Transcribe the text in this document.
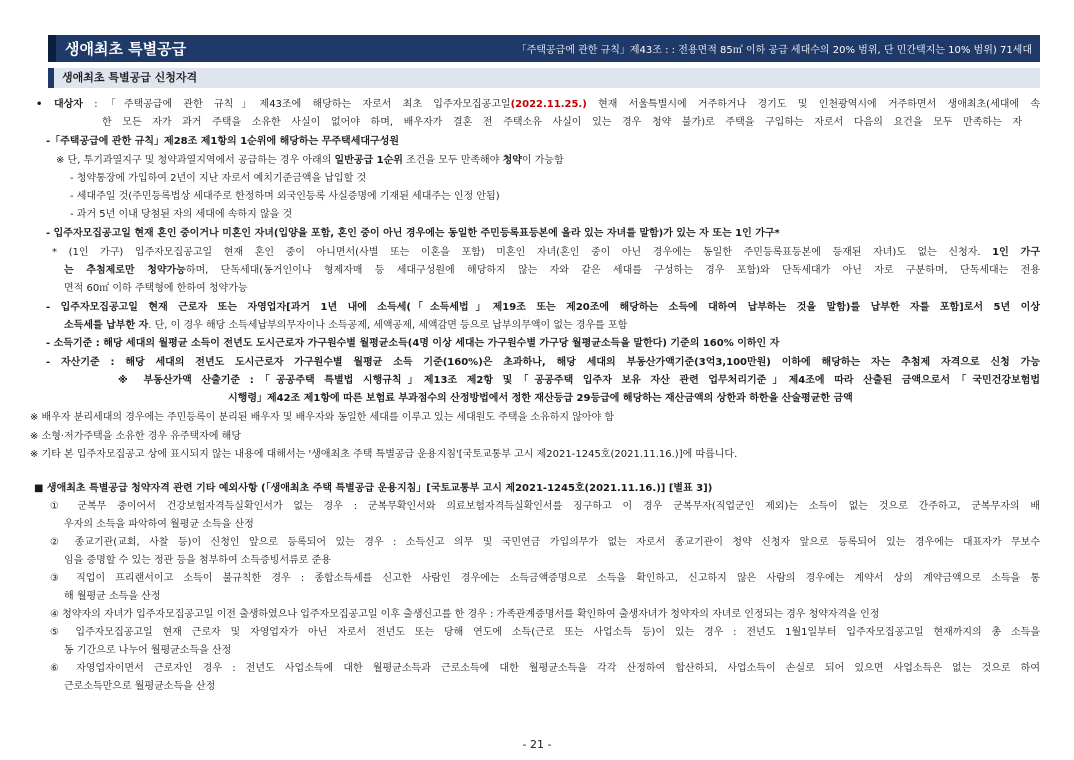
생애최초 특별공급	「주택공급에 관한 규칙」제43조 : : 전용면적 85㎡ 이하 공급 세대수의 20% 범위, 단 민간택지는 10% 범위) 71세대
생애최초 특별공급 신청자격
• 대상자 :「주택공급에 관한 규칙」제43조에 해당하는 자로서 최초 입주자모집공고일(2022.11.25.) 현재 서울특별시에 거주하거나 경기도 및 인천광역시에 거주하면서 생애최초(세대에 속
한 모든 자가 과거 주택을 소유한 사실이 없어야 하며, 배우자가 결혼 전 주택소유 사실이 있는 경우 청약 불가)로 주택을 구입하는 자로서 다음의 요건을 모두 만족하는 자
-「주택공급에 관한 규칙」제28조 제1항의 1순위에 해당하는 무주택세대구성원
※ 단, 투기과열지구 및 청약과열지역에서 공급하는 경우 아래의 일반공급 1순위 조건을 모두 만족해야 청약이 가능함
- 청약통장에 가입하여 2년이 지난 자로서 예치기준금액을 납입할 것
- 세대주일 것(주민등록법상 세대주로 한정하며 외국인등록 사실증명에 기재된 세대주는 인정 안됨)
- 과거 5년 이내 당첨된 자의 세대에 속하지 않을 것
- 입주자모집공고일 현재 혼인 중이거나 미혼인 자녀(입양을 포함, 혼인 중이 아닌 경우에는 동일한 주민등록표등본에 올라 있는 자녀를 말함)가 있는 자 또는 1인 가구*
* (1인 가구) 입주자모집공고일 현재 혼인 중이 아니면서(사별 또는 이혼을 포함) 미혼인 자녀(혼인 중이 아닌 경우에는 동일한 주민등록표등본에 등재된 자녀)도 없는 신청자. 1인 가구
는 추첨제로만 청약가능하며, 단독세대(동거인이나 형제자매 등 세대구성원에 해당하지 않는 자와 같은 세대를 구성하는 경우 포함)와 단독세대가 아닌 자로 구분하며, 단독세대는 전용
면적 60㎡ 이하 주택형에 한하여 청약가능
- 입주자모집공고일 현재 근로자 또는 자영업자[과거 1년 내에 소득세(「소득세법」제19조 또는 제20조에 해당하는 소득에 대하여 납부하는 것을 말함)를 납부한 자를 포함]로서 5년 이상
소득세를 납부한 자. 단, 이 경우 해당 소득세납부의무자이나 소득공제, 세액공제, 세액감면 등으로 납부의무액이 없는 경우를 포함
- 소득기준 : 해당 세대의 월평균 소득이 전년도 도시근로자 가구원수별 월평균소득(4명 이상 세대는 가구원수별 가구당 월평균소득을 말한다) 기준의 160% 이하인 자
- 자산기준 : 해당 세대의 전년도 도시근로자 가구원수별 월평균 소득 기준(160%)은 초과하나, 해당 세대의 부동산가액기준(3억3,100만원) 이하에 해당하는 자는 추첨제 자격으로 신청 가능
※ 부동산가액 산출기준 :「공공주택 특별법 시행규칙」제13조 제2항 및「공공주택 입주자 보유 자산 관련 업무처리기준」제4조에 따라 산출된 금액으로서「국민건강보험법
시행령」제42조 제1항에 따른 보험료 부과점수의 산정방법에서 정한 재산등급 29등급에 해당하는 재산금액의 상한과 하한을 산술평균한 금액
※ 배우자 분리세대의 경우에는 주민등록이 분리된 배우자 및 배우자와 동일한 세대를 이루고 있는 세대원도 주택을 소유하지 않아야 함
※ 소형·저가주택을 소유한 경우 유주택자에 해당
※ 기타 본 입주자모집공고 상에 표시되지 않는 내용에 대해서는 '생애최초 주택 특별공급 운용지침'[국토교통부 고시 제2021-1245호(2021.11.16.)]에 따릅니다.
■ 생애최초 특별공급 청약자격 관련 기타 예외사항 (「생애최초 주택 특별공급 운용지침」[국토교통부 고시 제2021-1245호(2021.11.16.)] [별표 3])
① 군복무 중이어서 건강보험자격득실확인서가 없는 경우 : 군복무확인서와 의료보험자격득실확인서를 징구하고 이 경우 군복무자(직업군인 제외)는 소득이 없는 것으로 간주하고, 군복무자의 배
우자의 소득을 파악하여 월평균 소득을 산정
② 종교기관(교회, 사찰 등)이 신청인 앞으로 등록되어 있는 경우 : 소득신고 의무 및 국민연금 가입의무가 없는 자로서 종교기관이 청약 신청자 앞으로 등록되어 있는 경우에는 대표자가 무보수
임을 증명할 수 있는 정관 등을 첨부하여 소득증빙서류로 준용
③ 직업이 프리랜서이고 소득이 불규칙한 경우 : 종합소득세를 신고한 사람인 경우에는 소득금액증명으로 소득을 확인하고, 신고하지 않은 사람의 경우에는 계약서 상의 계약금액으로 소득을 통
해 월평균 소득을 산정
④ 청약자의 자녀가 입주자모집공고일 이전 출생하였으나 입주자모집공고일 이후 출생신고를 한 경우 : 가족관계증명서를 확인하여 출생자녀가 청약자의 자녀로 인정되는 경우 청약자격을 인정
⑤ 입주자모집공고일 현재 근로자 및 자영업자가 아닌 자로서 전년도 또는 당해 연도에 소득(근로 또는 사업소득 등)이 있는 경우 : 전년도 1월1일부터 입주자모집공고일 현재까지의 총 소득을
동 기간으로 나누어 월평균소득을 산정
⑥ 자영업자이면서 근로자인 경우 : 전년도 사업소득에 대한 월평균소득과 근로소득에 대한 월평균소득을 각각 산정하여 합산하되, 사업소득이 손실로 되어 있으면 사업소득은 없는 것으로 하여
근로소득만으로 월평균소득을 산정
- 21 -
